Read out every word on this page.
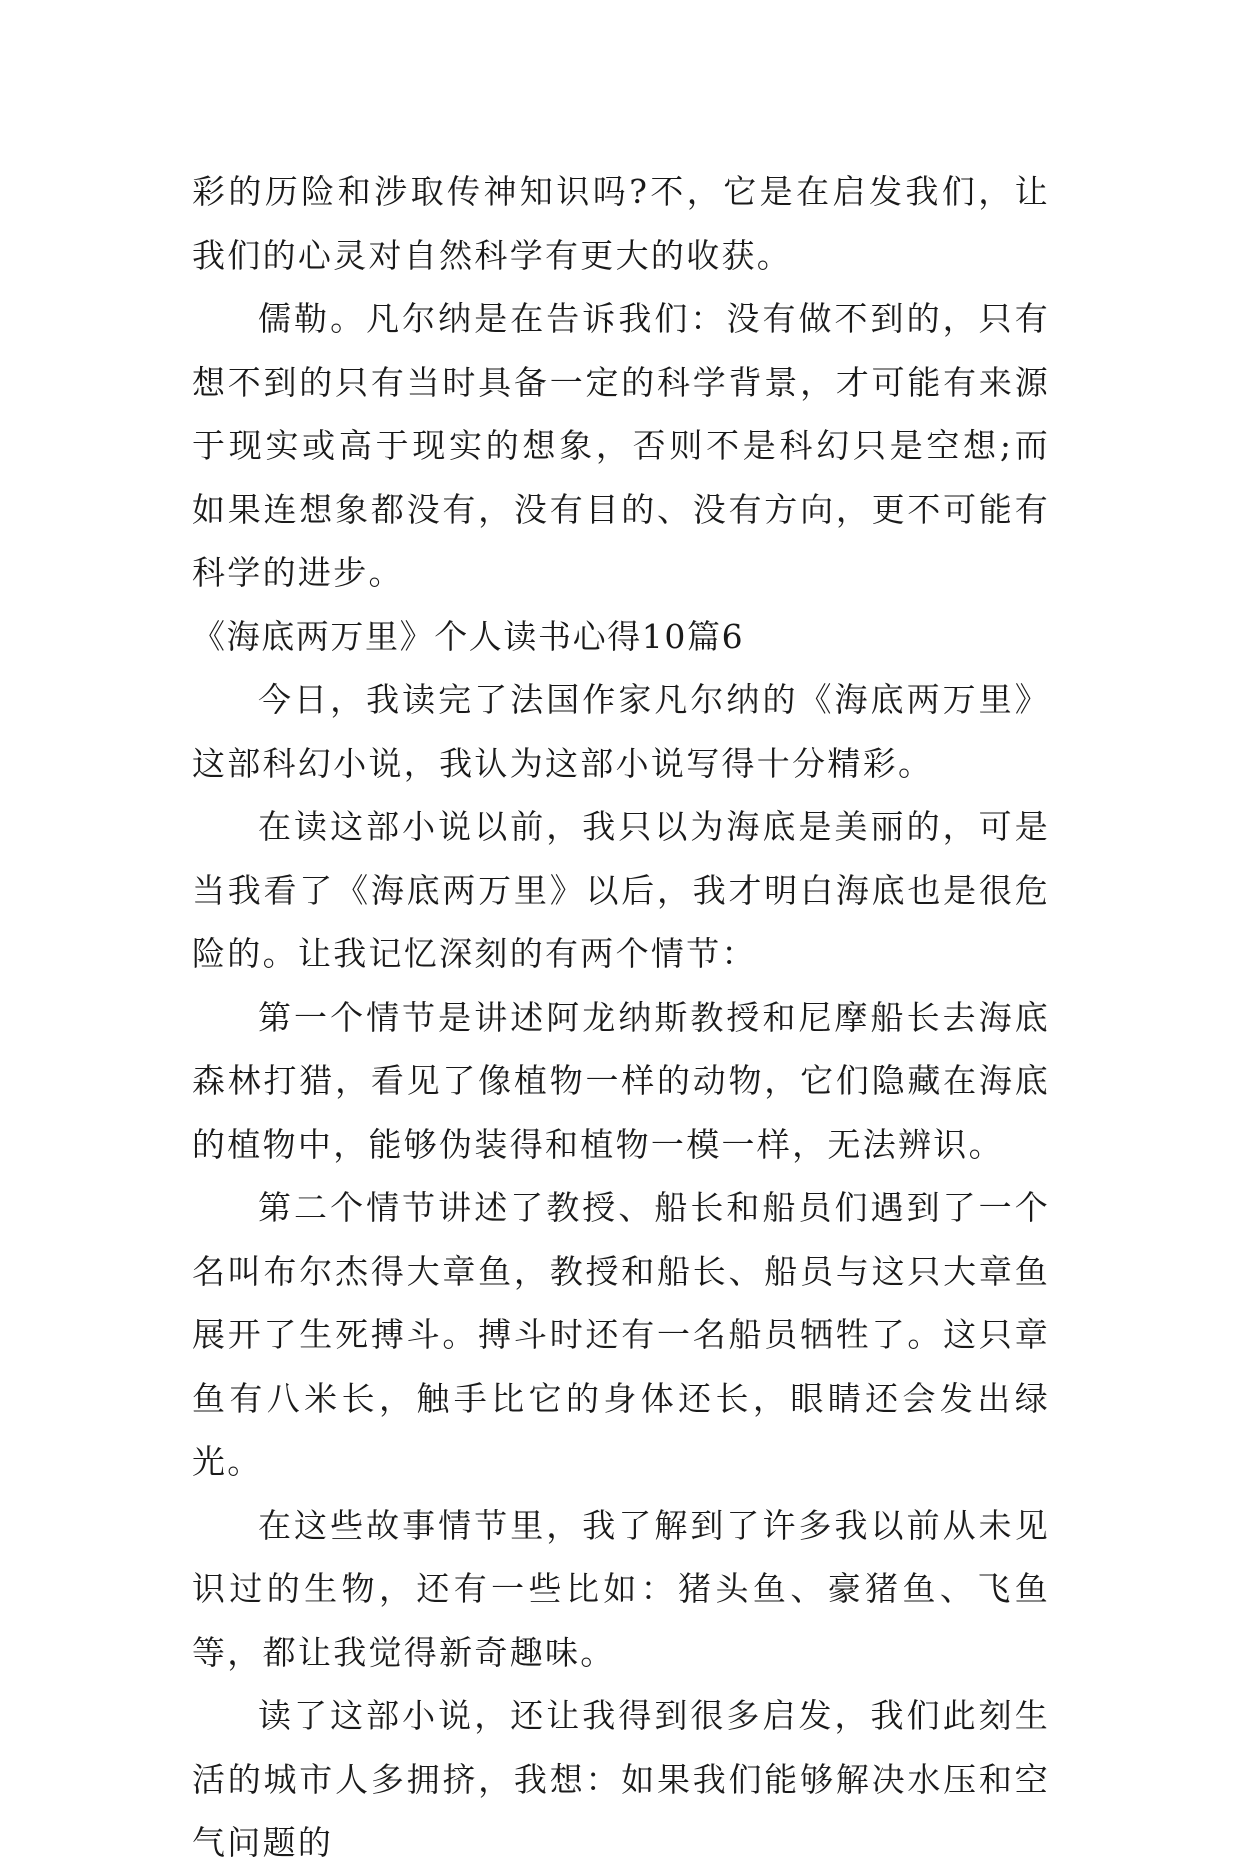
彩的历险和涉取传神知识吗?不，它是在启发我们，让我们的心灵对自然科学有更大的收获。

儒勒。凡尔纳是在告诉我们：没有做不到的，只有想不到的只有当时具备一定的科学背景，才可能有来源于现实或高于现实的想象，否则不是科幻只是空想;而如果连想象都没有，没有目的、没有方向，更不可能有科学的进步。

《海底两万里》个人读书心得10篇6

今日，我读完了法国作家凡尔纳的《海底两万里》这部科幻小说，我认为这部小说写得十分精彩。

在读这部小说以前，我只以为海底是美丽的，可是当我看了《海底两万里》以后，我才明白海底也是很危险的。让我记忆深刻的有两个情节：

第一个情节是讲述阿龙纳斯教授和尼摩船长去海底森林打猎，看见了像植物一样的动物，它们隐藏在海底的植物中，能够伪装得和植物一模一样，无法辨识。

第二个情节讲述了教授、船长和船员们遇到了一个名叫布尔杰得大章鱼，教授和船长、船员与这只大章鱼展开了生死搏斗。搏斗时还有一名船员牺牲了。这只章鱼有八米长，触手比它的身体还长，眼睛还会发出绿光。

在这些故事情节里，我了解到了许多我以前从未见识过的生物，还有一些比如：猪头鱼、豪猪鱼、飞鱼等，都让我觉得新奇趣味。

读了这部小说，还让我得到很多启发，我们此刻生活的城市人多拥挤，我想：如果我们能够解决水压和空气问题的
